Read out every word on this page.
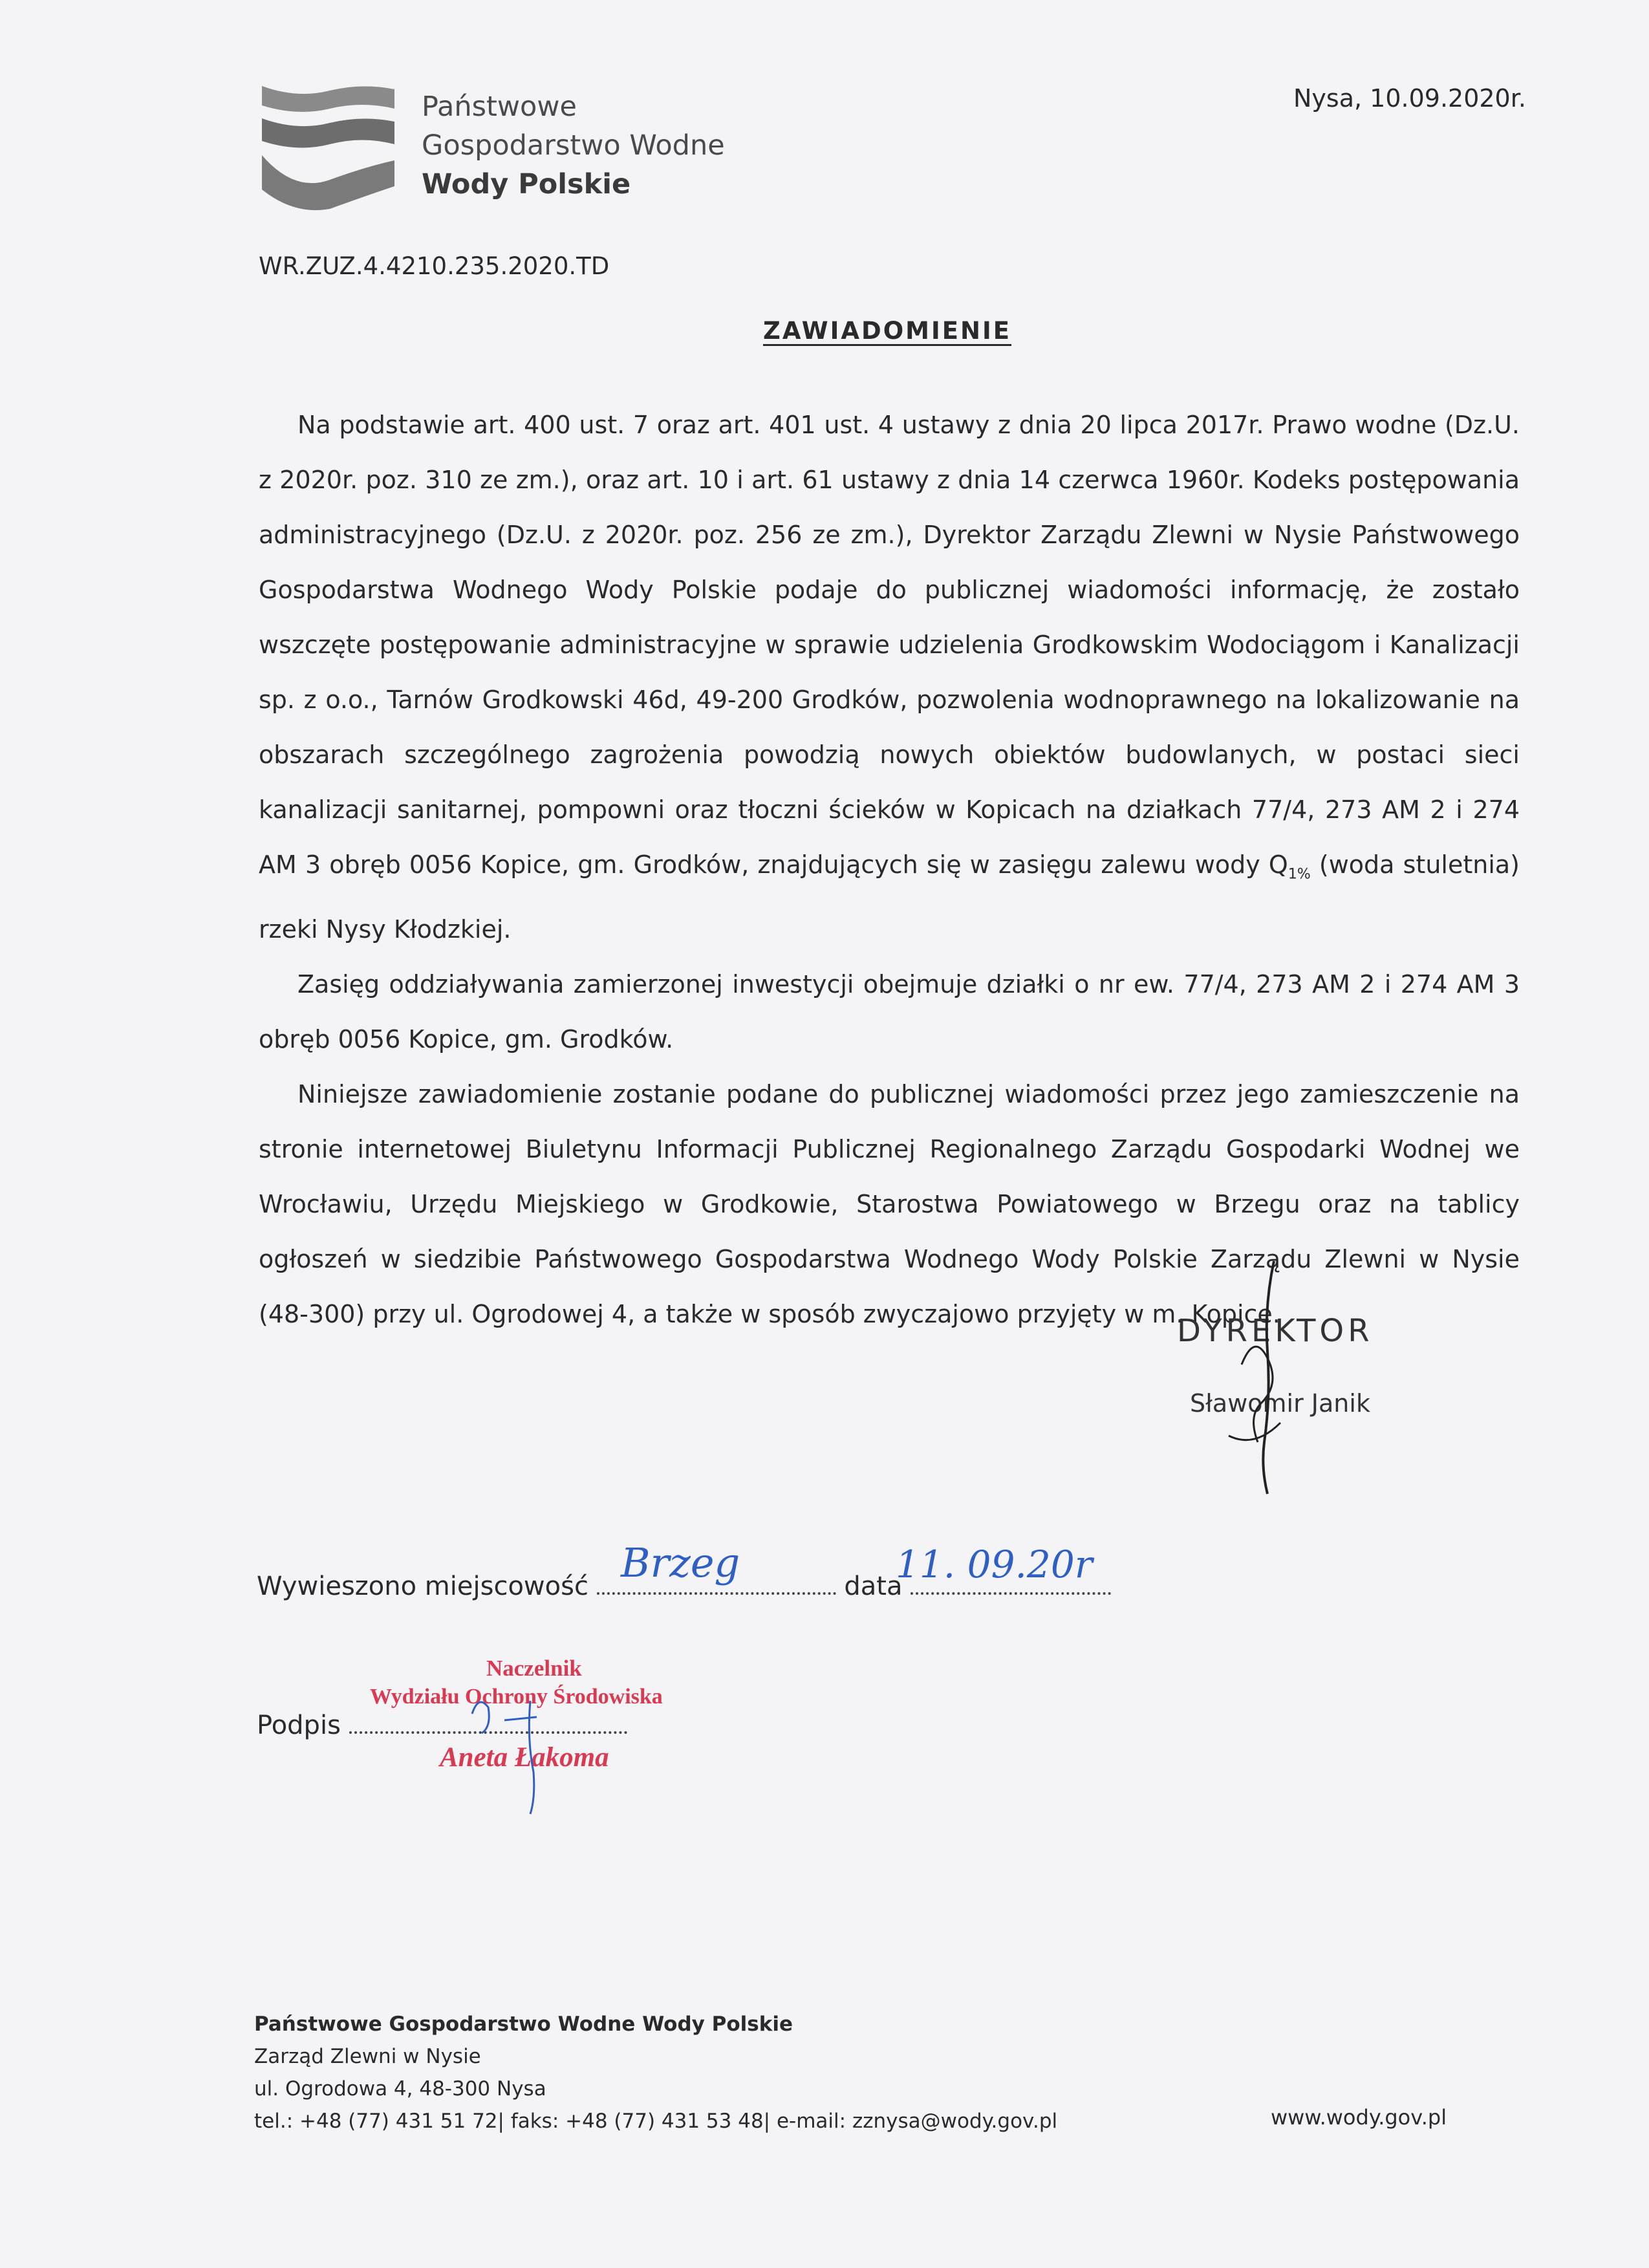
Państwowe
Gospodarstwo Wodne
Wody Polskie
Nysa, 10.09.2020r.
WR.ZUZ.4.4210.235.2020.TD
ZAWIADOMIENIE

Na podstawie art. 400 ust. 7 oraz art. 401 ust. 4 ustawy z dnia 20 lipca 2017r. Prawo wodne (Dz.U. z 2020r. poz. 310 ze zm.), oraz art. 10 i art. 61 ustawy z dnia 14 czerwca 1960r. Kodeks postępowania administracyjnego (Dz.U. z 2020r. poz. 256 ze zm.), Dyrektor Zarządu Zlewni w Nysie Państwowego Gospodarstwa Wodnego Wody Polskie podaje do publicznej wiadomości informację, że zostało wszczęte postępowanie administracyjne w sprawie udzielenia Grodkowskim Wodociągom i Kanalizacji sp. z o.o., Tarnów Grodkowski 46d, 49-200 Grodków, pozwolenia wodnoprawnego na lokalizowanie na obszarach szczególnego zagrożenia powodzią nowych obiektów budowlanych, w postaci sieci kanalizacji sanitarnej, pompowni oraz tłoczni ścieków w Kopicach na działkach 77/4, 273 AM 2 i 274 AM 3 obręb 0056 Kopice, gm. Grodków, znajdujących się w zasięgu zalewu wody $Q_{1\%}$ (woda stuletnia) rzeki Nysy Kłodzkiej.

Zasięg oddziaływania zamierzonej inwestycji obejmuje działki o nr ew. 77/4, 273 AM 2 i 274 AM 3 obręb 0056 Kopice, gm. Grodków.

Niniejsze zawiadomienie zostanie podane do publicznej wiadomości przez jego zamieszczenie na stronie internetowej Biuletynu Informacji Publicznej Regionalnego Zarządu Gospodarki Wodnej we Wrocławiu, Urzędu Miejskiego w Grodkowie, Starostwa Powiatowego w Brzegu oraz na tablicy ogłoszeń w siedzibie Państwowego Gospodarstwa Wodnego Wody Polskie Zarządu Zlewni w Nysie (48-300) przy ul. Ogrodowej 4, a także w sposób zwyczajowo przyjęty w m. Kopice.

DYREKTOR
Sławomir Janik
Wywieszono miejscowość	data
Brzeg	11. 09.20r
Podpis
Naczelnik
Wydziału Ochrony Środowiska
Aneta Łakoma
Państwowe Gospodarstwo Wodne Wody Polskie
Zarząd Zlewni w Nysie
ul. Ogrodowa 4, 48-300 Nysa
tel.: +48 (77) 431 51 72| faks: +48 (77) 431 53 48| e-mail: zznysa@wody.gov.pl	www.wody.gov.pl
